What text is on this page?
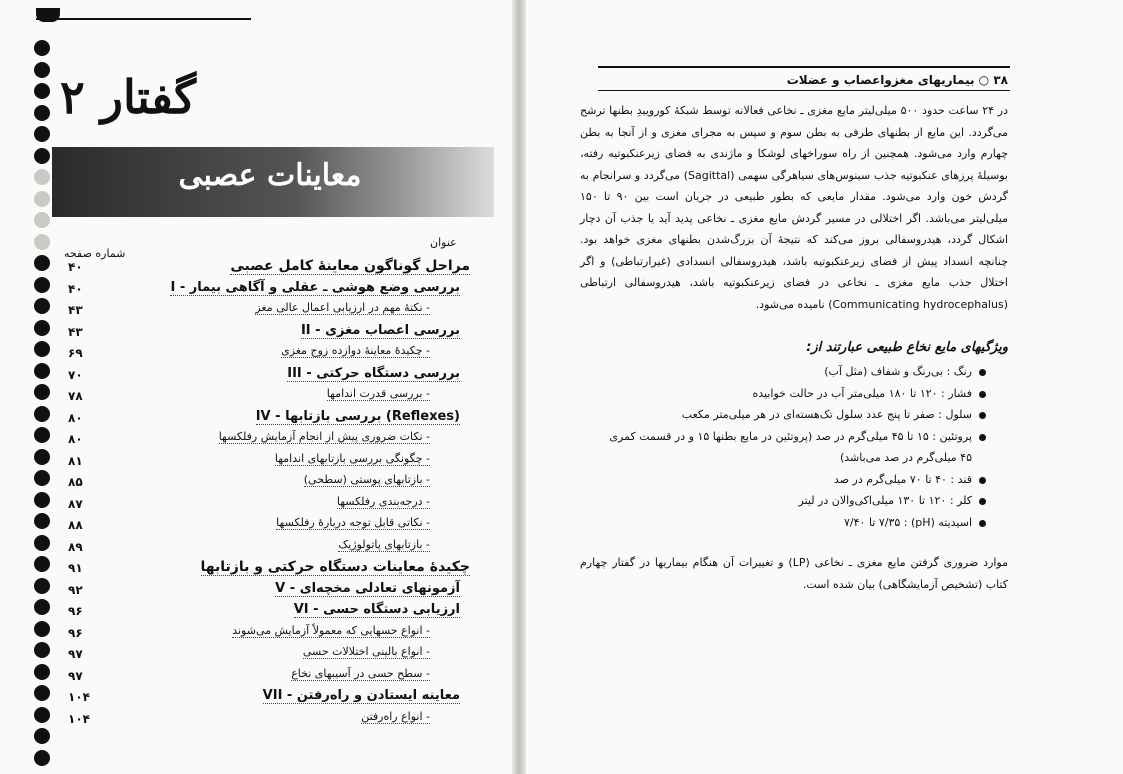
گفتار ۲
معاینات عصبی
عنوان
شماره صفحه
مراحل گوناگون معاینهٔ کامل عصبی
۴۰
I - بررسی وضع هوشی ـ عقلی و آگاهی بیمار
۴۰
- نکتهٔ مهم در ارزیابی اعمال عالی مغز
۴۳
II - بررسی اعصاب مغزی
۴۳
- چکیدهٔ معاینهٔ دوازده زوج مغزی
۶۹
III - بررسی دستگاه حرکتی
۷۰
- بررسی قدرت اندامها
۷۸
IV - بررسی بازتابها (Reflexes)
۸۰
- نکات ضروری پیش از انجام آزمایش رفلکسها
۸۰
- چگونگی بررسی بازتابهای اندامها
۸۱
- بازتابهای پوستی (سطحی)
۸۵
- درجه‌بندی رفلکسها
۸۷
- نکاتی قابل توجه دربارهٔ رفلکسها
۸۸
- بازتابهای پاتولوژیک
۸۹
چکیدهٔ معاینات دستگاه حرکتی و بازتابها
۹۱
V - آزمونهای تعادلی مخچه‌ای
۹۲
VI - ارزیابی دستگاه حسی
۹۶
- انواع حسهایی که معمولاً آزمایش می‌شوند
۹۶
- انواع بالینی اختلالات حسی
۹۷
- سطح حسی در آسیبهای نخاع
۹۷
VII - معاینه ایستادن و راه‌رفتن
۱۰۴
- انواع راه‌رفتن
۱۰۴
۳۸ ○ بیماریهای مغزواعصاب و عضلات
در ۲۴ ساعت حدود ۵۰۰ میلی‌لیتر مایع مغزی ـ نخاعی فعالانه توسط شبکهٔ کوروییدِ بطنها ترشح می‌گردد. این مایع از بطنهای طرفی به بطن سوم و سپس به مجرای مغزی و از آنجا به بطن چهارم وارد می‌شود. همچنین از راه سوراخهای لوشکا و ماژندی به فضای زیرعنکبوتیه رفته، بوسیلهٔ پرزهای عنکبوتیه جذب سینوس‌های سیاهرگی سهمی (Sagittal) می‌گردد و سرانجام به گردش خون وارد می‌شود. مقدار مایعی که بطور طبیعی در جریان است بین ۹۰ تا ۱۵۰ میلی‌لیتر می‌باشد. اگر اختلالی در مسیر گردش مایع مغزی ـ نخاعی پدید آید یا جذب آن دچار اشکال گردد، هیدروسفالی بروز می‌کند که نتیجهٔ آن بزرگ‌شدن بطنهای مغزی خواهد بود. چنانچه انسداد پیش از فضای زیرعنکبوتیه باشد، هیدروسفالی انسدادی (غیرارتباطی) و اگر اختلال جذب مایع مغزی ـ نخاعی در فضای زیرعنکبوتیه باشد، هیدروسفالی ارتباطی (Communicating hydrocephalus) نامیده می‌شود.
ویژگیهای مایع نخاع طبیعی عبارتند از:
رنگ : بی‌رنگ و شفاف (مثل آب)
فشار : ۱۲۰ تا ۱۸۰ میلی‌متر آب در حالت خوابیده
سلول : صفر تا پنج عدد سلول تک‌هسته‌ای در هر میلی‌متر مکعب
پروتئین : ۱۵ تا ۴۵ میلی‌گرم در صد (پروتئین در مایع بطنها ۱۵ و در قسمت کمری ۴۵ میلی‌گرم در صد می‌باشد)
قند : ۴۰ تا ۷۰ میلی‌گرم در صد
کلر : ۱۲۰ تا ۱۳۰ میلی‌اکی‌والان در لیتر
اسیدیته (pH) : ۷/۳۵ تا ۷/۴۰
موارد ضروری گرفتن مایع مغزی ـ نخاعی (LP) و تغییرات آن هنگام بیماریها در گفتار چهارم کتاب (تشخیص آزمایشگاهی) بیان شده است.
